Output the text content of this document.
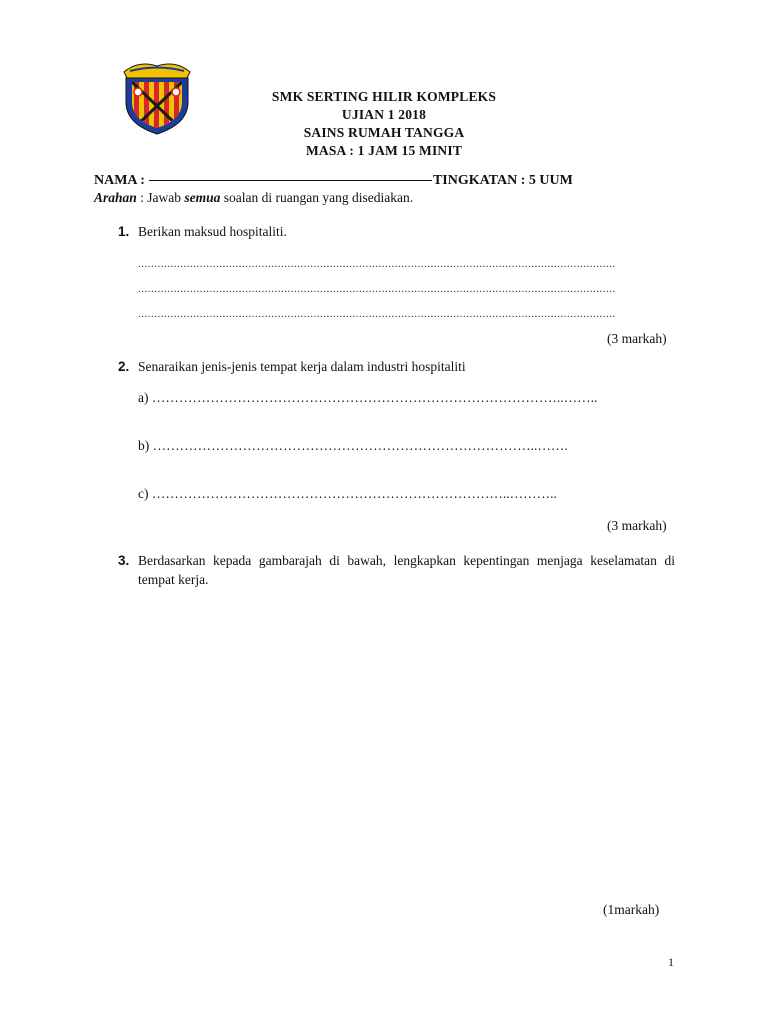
SMK SERTING HILIR KOMPLEKS
UJIAN 1 2018
SAINS RUMAH TANGGA
MASA : 1 JAM 15 MINIT
NAMA :	TINGKATAN : 5 UUM
Arahan : Jawab semua soalan di ruangan yang disediakan.
1. Berikan maksud hospitaliti.
...................................................................................................................................................
...................................................................................................................................................
...................................................................................................................................................
(3 markah)
2. Senaraikan jenis-jenis tempat kerja dalam industri hospitaliti
a) ………………………………………………………………………………..……..
b) …………………………………………………………………………..…….
c) ……………………………………………………………………..………..
(3 markah)
3. Berdasarkan kepada gambarajah di bawah, lengkapkan kepentingan menjaga keselamatan di tempat kerja.
(1markah)
1
